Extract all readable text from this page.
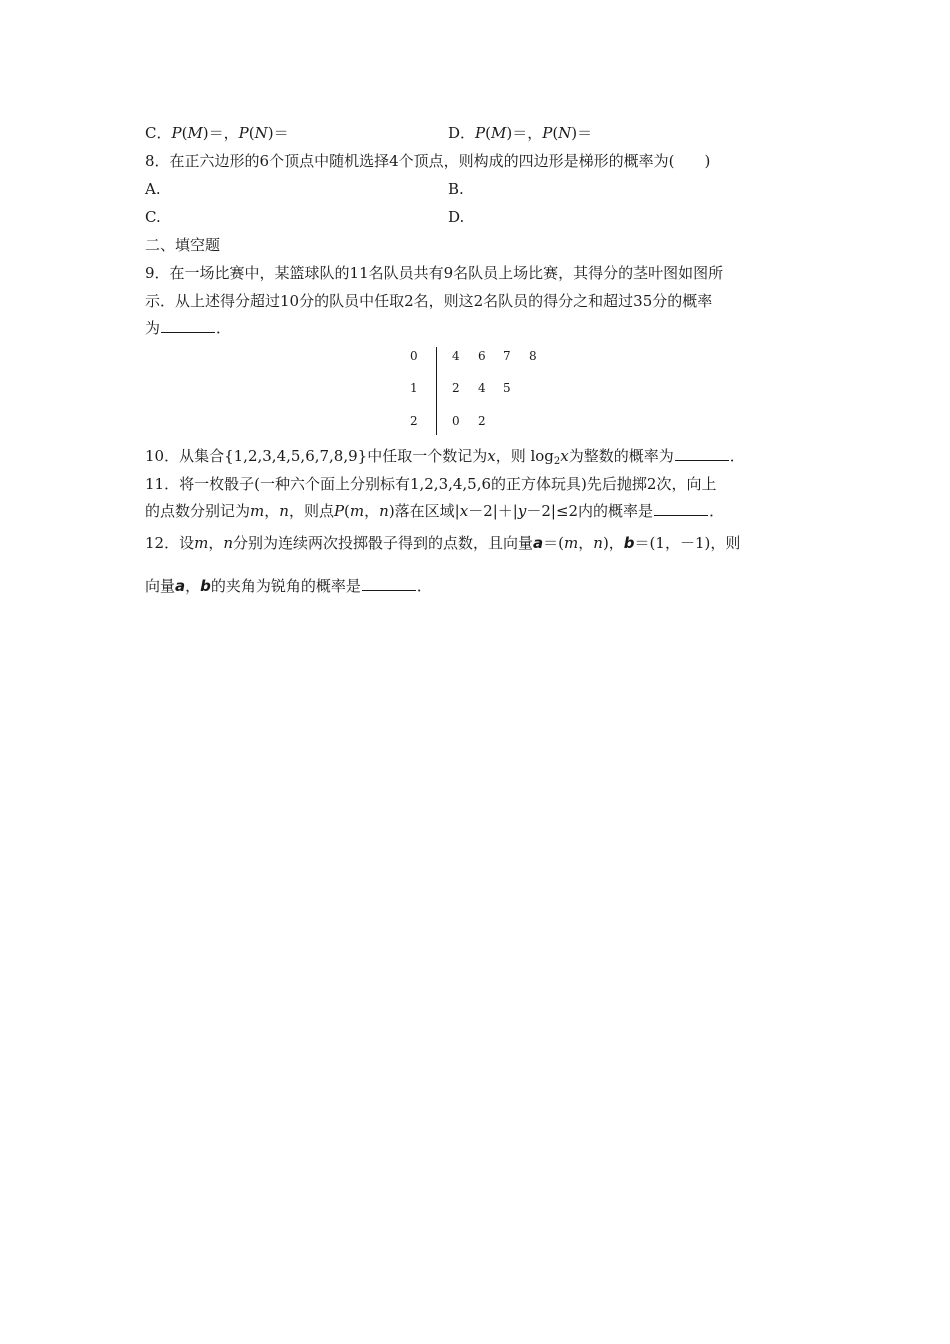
C．P(M)＝，P(N)＝	D．P(M)＝，P(N)＝
8．在正六边形的6个顶点中随机选择4个顶点，则构成的四边形是梯形的概率为(　　)
A.	B.
C.	D.
二、填空题
9．在一场比赛中，某篮球队的11名队员共有9名队员上场比赛，其得分的茎叶图如图所
示．从上述得分超过10分的队员中任取2名，则这2名队员的得分之和超过35分的概率
为	．
0	4 6 7 8
1	2 4 5
2	0 2
10．从集合{1,2,3,4,5,6,7,8,9}中任取一个数记为x，则 $\log_2x$为整数的概率为	．
11．将一枚骰子(一种六个面上分别标有1,2,3,4,5,6的正方体玩具)先后抛掷2次，向上
的点数分别记为m，n，则点P(m，n)落在区域|x－2|＋|y－2|≤2内的概率是	．
12．设m，n分别为连续两次投掷骰子得到的点数，且向量a＝(m，n)，b＝(1，－1)，则
向量a，b的夹角为锐角的概率是	．
